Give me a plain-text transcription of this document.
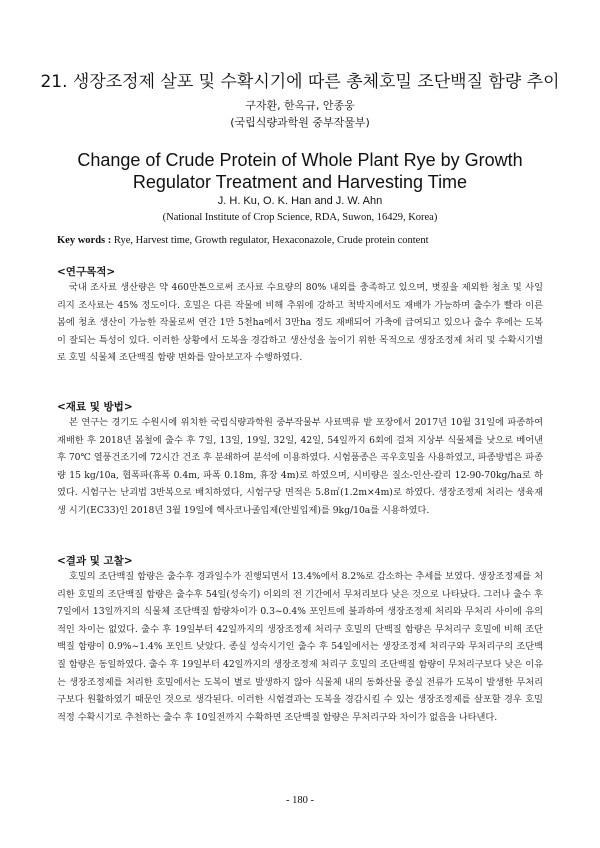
21. 생장조정제 살포 및 수확시기에 따른 총체호밀 조단백질 함량 추이
구자환, 한옥규, 안종웅
(국립식량과학원 중부작물부)
Change of Crude Protein of Whole Plant Rye by Growth Regulator Treatment and Harvesting Time
J. H. Ku, O. K. Han and J. W. Ahn
(National Institute of Crop Science, RDA, Suwon, 16429, Korea)
Key words : Rye, Harvest time, Growth regulator, Hexaconazole, Crude protein content
<연구목적>

국내 조사료 생산량은 약 460만톤으로써 조사료 수요량의 80% 내외를 충족하고 있으며, 볏짚을 제외한 청초 및 사일리지 조사료는 45% 정도이다. 호밀은 다른 작물에 비해 추위에 강하고 척박지에서도 재배가 가능하며 출수가 빨라 이른 봄에 청초 생산이 가능한 작물로써 연간 1만 5천ha에서 3만ha 정도 재배되어 가축에 급여되고 있으나 출수 후에는 도복이 잘되는 특성이 있다. 이러한 상황에서 도복을 경감하고 생산성을 높이기 위한 목적으로 생장조정제 처리 및 수확시기별로 호밀 식물체 조단백질 함량 변화를 알아보고자 수행하였다.

<재료 및 방법>

본 연구는 경기도 수원시에 위치한 국립식량과학원 중부작물부 사료맥류 밭 포장에서 2017년 10월 31일에 파종하여 재배한 후 2018년 봄철에 출수 후 7일, 13일, 19일, 32일, 42일, 54일까지 6회에 걸쳐 지상부 식물체를 낫으로 베어낸 후 70℃ 열풍건조기에 72시간 건조 후 분쇄하여 분석에 이용하였다. 시험품종은 곡우호밀을 사용하였고, 파종방법은 파종량 15 kg/10a, 협폭파(휴폭 0.4m, 파폭 0.18m, 휴장 4m)로 하였으며, 시비량은 질소-인산-칼리 12-90-70kg/ha로 하였다. 시험구는 난괴법 3반복으로 배치하였다, 시험구당 면적은 5.8㎡(1.2m×4m)로 하였다. 생장조정제 처리는 생육재생 시기(EC33)인 2018년 3월 19일에 헥사코나졸입제(안빌입제)를 9kg/10a를 시용하였다.

<결과 및 고찰>

호밀의 조단백질 함량은 출수후 경과일수가 진행되면서 13.4%에서 8.2%로 감소하는 추세를 보였다. 생장조정제를 처리한 호밀의 조단백질 함량은 출수후 54일(성숙기) 이외의 전 기간에서 무처리보다 낮은 것으로 나타났다. 그러나 출수 후 7일에서 13일까지의 식물체 조단백질 함량차이가 0.3~0.4% 포인트에 불과하여 생장조정제 처리와 무처리 사이에 유의적인 차이는 없었다. 출수 후 19일부터 42일까지의 생장조정제 처리구 호밀의 단백질 함량은 무처리구 호밀에 비해 조단백질 함량이 0.9%~1.4% 포인트 낮았다. 종실 성숙시기인 출수 후 54일에서는 생장조정제 처리구와 무처리구의 조단백질 함량은 동일하였다. 출수 후 19일부터 42일까지의 생장조정제 처리구 호밀의 조단백질 함량이 무처리구보다 낮은 이유는 생장조정제를 처리한 호밀에서는 도복이 별로 발생하지 않아 식물체 내의 동화산물 종실 전류가 도복이 발생한 무처리구보다 원활하였기 때문인 것으로 생각된다. 이러한 시험결과는 도복을 경감시킬 수 있는 생장조정제를 살포할 경우 호밀 적정 수확시기로 추천하는 출수 후 10일전까지 수확하면 조단백질 함량은 무처리구와 차이가 없음을 나타낸다.

- 180 -
